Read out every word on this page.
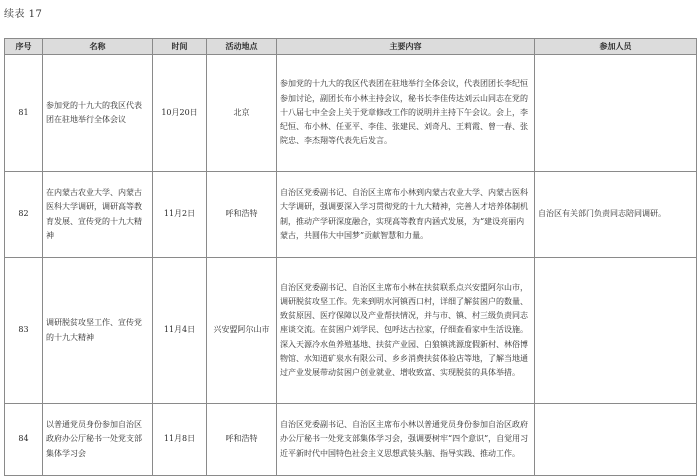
续表 17
序号	名称	时间	活动地点	主要内容	参加人员
81	参加党的十九大的我区代表团在驻地举行全体会议	10月20日	北京	参加党的十九大的我区代表团在驻地举行全体会议，代表团团长李纪恒参加讨论，副团长布小林主持会议，秘书长李佳传达刘云山同志在党的十八届七中全会上关于党章修改工作的说明并主持下午会议。会上，李纪恒、布小林、任亚平、李佳、张建民、刘奇凡、王莉霞、曾一春、张院忠、李杰翔等代表先后发言。	
82	在内蒙古农业大学、内蒙古医科大学调研，调研高等教育发展、宣传党的十九大精神	11月2日	呼和浩特	自治区党委副书记、自治区主席布小林到内蒙古农业大学、内蒙古医科大学调研，强调要深入学习贯彻党的十九大精神，完善人才培养体制机制，推动产学研深度融合，实现高等教育内涵式发展，为“建设亮丽内蒙古，共圆伟大中国梦”贡献智慧和力量。	自治区有关部门负责同志陪同调研。
83	调研脱贫攻坚工作、宣传党的十九大精神	11月4日	兴安盟阿尔山市	自治区党委副书记、自治区主席布小林在扶贫联系点兴安盟阿尔山市，调研脱贫攻坚工作。先来到明水河镇西口村，详细了解贫困户的数量、致贫原因、医疗保障以及产业帮扶情况，并与市、镇、村三级负责同志座谈交流。在贫困户刘学民、包呼达古拉家，仔细查看家中生活设施。深入天源冷水鱼养殖基地、扶贫产业园、白狼镇洮源度假新村、林俗博物馆、水知道矿泉水有限公司、乡乡消费扶贫体验店等地，了解当地通过产业发展带动贫困户创业就业、增收致富、实现脱贫的具体举措。	
84	以普通党员身份参加自治区政府办公厅秘书一处党支部集体学习会	11月8日	呼和浩特	自治区党委副书记、自治区主席布小林以普通党员身份参加自治区政府办公厅秘书一处党支部集体学习会，强调要树牢“四个意识”，自觉用习近平新时代中国特色社会主义思想武装头脑、指导实践、推动工作。	
